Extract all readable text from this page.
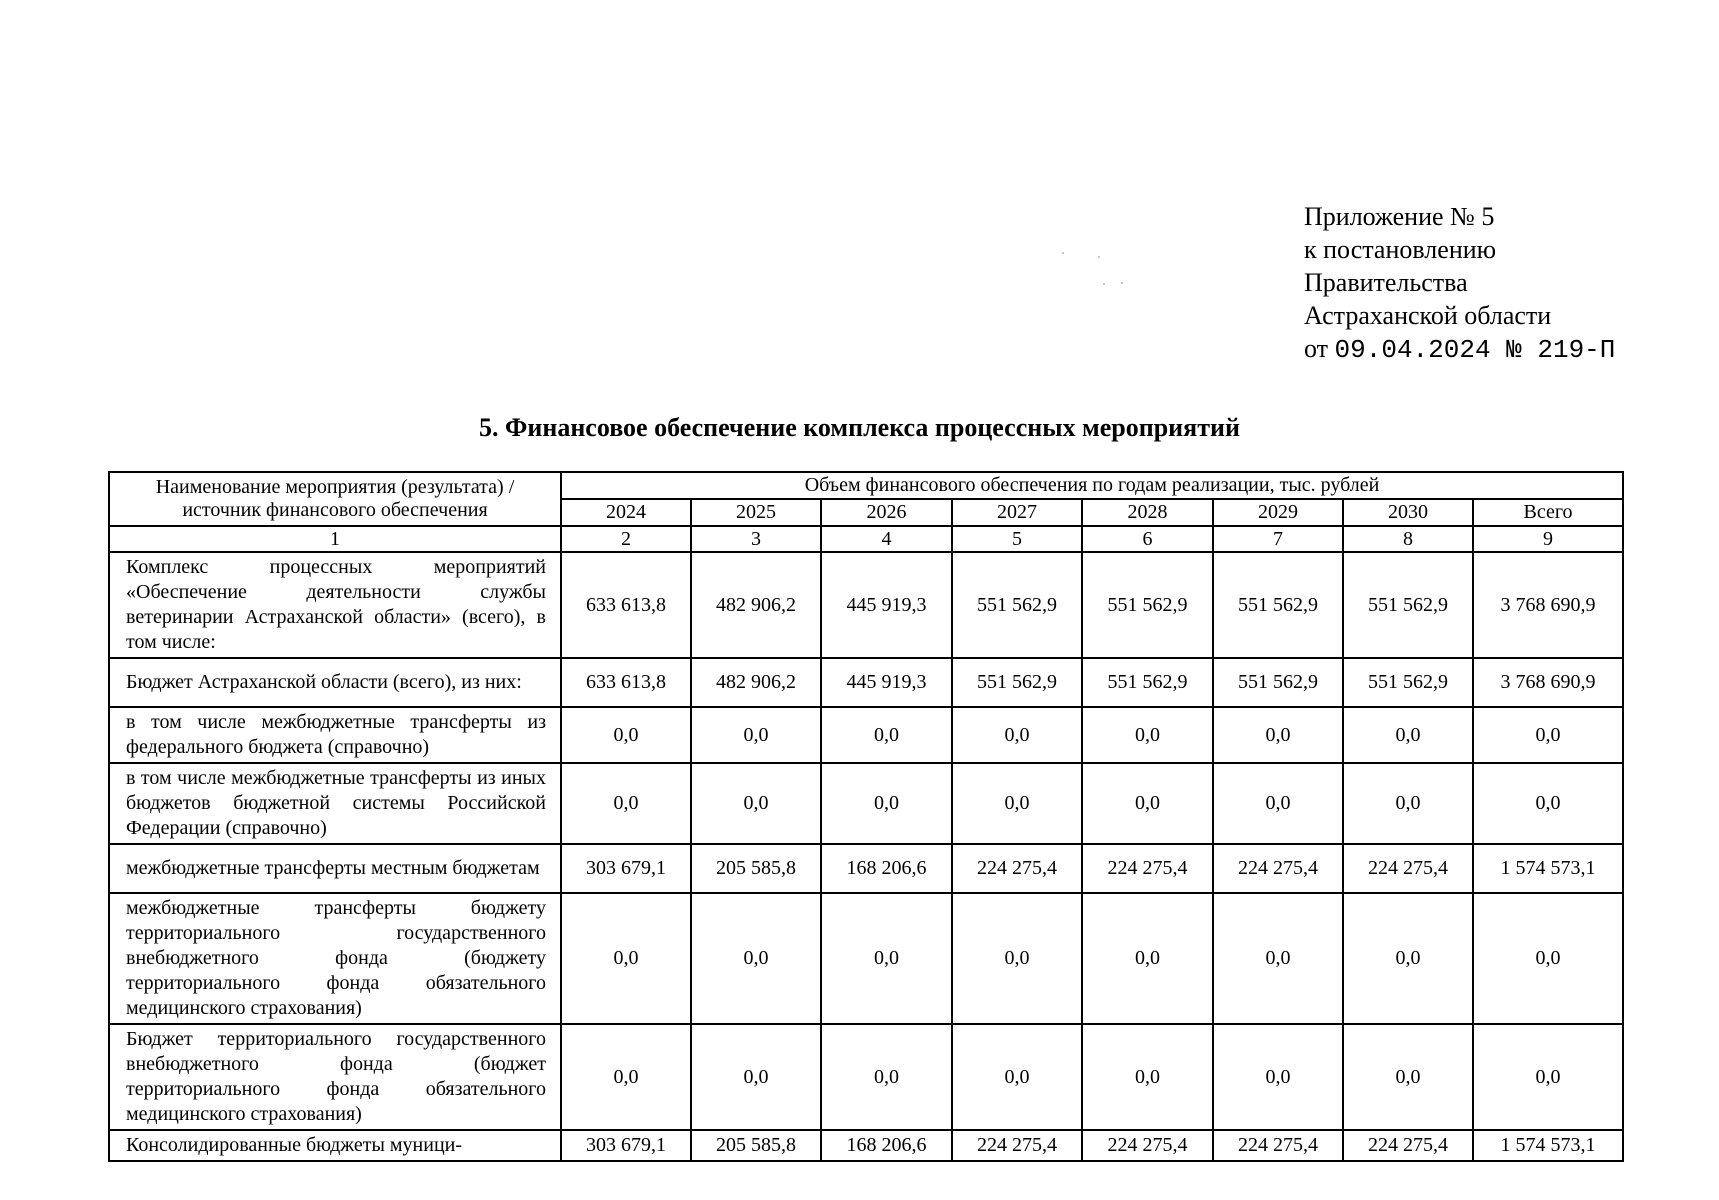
Приложение № 5
к постановлению
Правительства
Астраханской области
от 09.04.2024 № 219-П
5. Финансовое обеспечение комплекса процессных мероприятий
Наименование мероприятия (результата) / источник финансового обеспечения	Объем финансового обеспечения по годам реализации, тыс. рублей							
	2024	2025	2026	2027	2028	2029	2030	Всего
1	2	3	4	5	6	7	8	9
Комплекс процессных мероприятий «Обеспечение деятельности службы ветеринарии Астраханской области» (всего), в том числе:	633 613,8	482 906,2	445 919,3	551 562,9	551 562,9	551 562,9	551 562,9	3 768 690,9
Бюджет Астраханской области (всего), из них:	633 613,8	482 906,2	445 919,3	551 562,9	551 562,9	551 562,9	551 562,9	3 768 690,9
в том числе межбюджетные трансферты из федерального бюджета (справочно)	0,0	0,0	0,0	0,0	0,0	0,0	0,0	0,0
в том числе межбюджетные трансферты из иных бюджетов бюджетной системы Российской Федерации (справочно)	0,0	0,0	0,0	0,0	0,0	0,0	0,0	0,0
межбюджетные трансферты местным бюджетам	303 679,1	205 585,8	168 206,6	224 275,4	224 275,4	224 275,4	224 275,4	1 574 573,1
межбюджетные трансферты бюджету территориального государственного внебюджетного фонда (бюджету территориального фонда обязательного медицинского страхования)	0,0	0,0	0,0	0,0	0,0	0,0	0,0	0,0
Бюджет территориального государственного внебюджетного фонда (бюджет территориального фонда обязательного медицинского страхования)	0,0	0,0	0,0	0,0	0,0	0,0	0,0	0,0
Консолидированные бюджеты муници-	303 679,1	205 585,8	168 206,6	224 275,4	224 275,4	224 275,4	224 275,4	1 574 573,1
